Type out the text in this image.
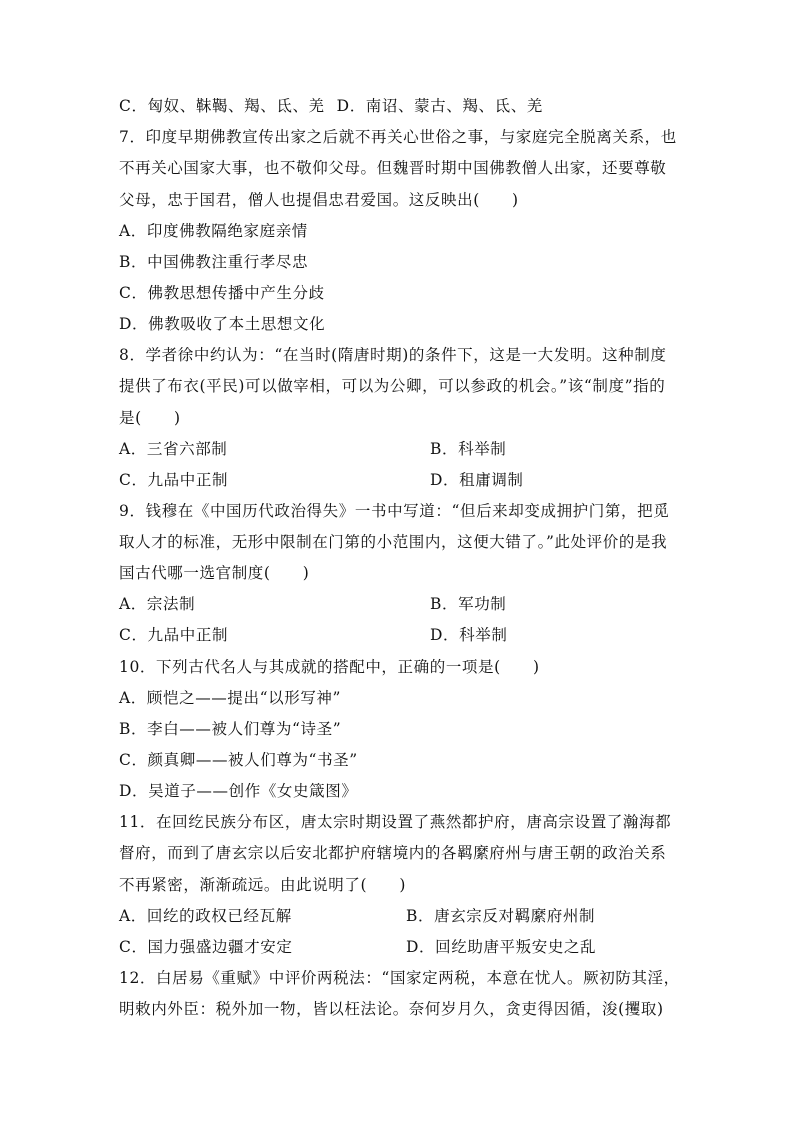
C．匈奴、靺鞨、羯、氐、羌 D．南诏、蒙古、羯、氐、羌
7．印度早期佛教宣传出家之后就不再关心世俗之事，与家庭完全脱离关系，也
不再关心国家大事，也不敬仰父母。但魏晋时期中国佛教僧人出家，还要尊敬
父母，忠于国君，僧人也提倡忠君爱国。这反映出(　　)
A．印度佛教隔绝家庭亲情
B．中国佛教注重行孝尽忠
C．佛教思想传播中产生分歧
D．佛教吸收了本土思想文化
8．学者徐中约认为：“在当时(隋唐时期)的条件下，这是一大发明。这种制度
提供了布衣(平民)可以做宰相，可以为公卿，可以参政的机会。”该“制度”指的
是(　　)
A．三省六部制	B．科举制
C．九品中正制	D．租庸调制
9．钱穆在《中国历代政治得失》一书中写道：“但后来却变成拥护门第，把觅
取人才的标准，无形中限制在门第的小范围内，这便大错了。”此处评价的是我
国古代哪一选官制度(　　)
A．宗法制	B．军功制
C．九品中正制	D．科举制
10．下列古代名人与其成就的搭配中，正确的一项是(　　)
A．顾恺之——提出“以形写神”
B．李白——被人们尊为“诗圣”
C．颜真卿——被人们尊为“书圣”
D．吴道子——创作《女史箴图》
11．在回纥民族分布区，唐太宗时期设置了燕然都护府，唐高宗设置了瀚海都
督府，而到了唐玄宗以后安北都护府辖境内的各羁縻府州与唐王朝的政治关系
不再紧密，渐渐疏远。由此说明了(　　)
A．回纥的政权已经瓦解	B．唐玄宗反对羁縻府州制
C．国力强盛边疆才安定	D．回纥助唐平叛安史之乱
12．白居易《重赋》中评价两税法：“国家定两税，本意在忧人。厥初防其淫，
明敕内外臣：税外加一物，皆以枉法论。奈何岁月久，贪吏得因循，浚(攫取)
